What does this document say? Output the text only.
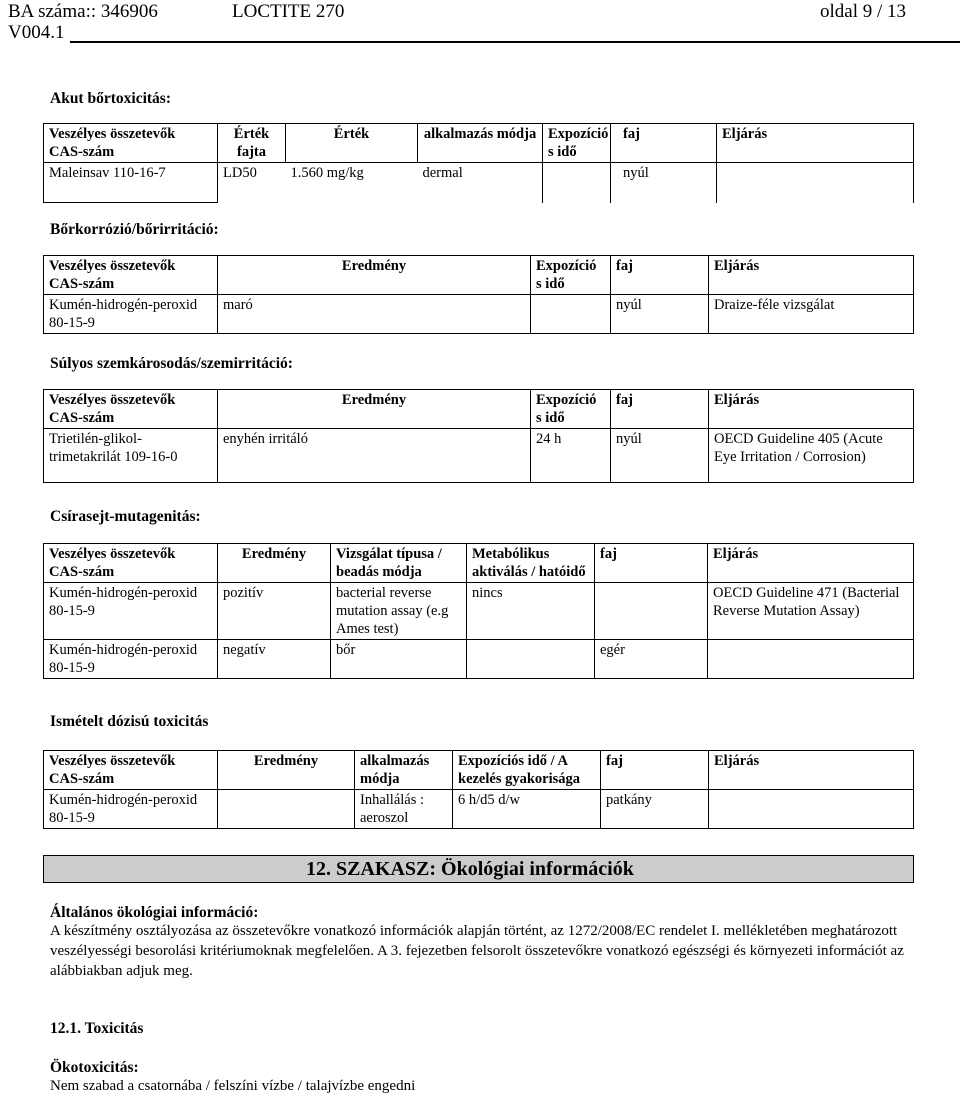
BA száma:: 346906	LOCTITE 270	oldal 9 / 13
V004.1
Akut bőrtoxicitás:
Veszélyes összetevők CAS-szám	Érték fajta	Érték	alkalmazás módja	Expozíció s idő	faj	Eljárás
Maleinsav 110-16-7	LD50	1.560 mg/kg	dermal		nyúl	
Bőrkorrózió/bőrirritáció:
Veszélyes összetevők CAS-szám	Eredmény	Expozíció s idő	faj	Eljárás
Kumén-hidrogén-peroxid 80-15-9	maró		nyúl	Draize-féle vizsgálat
Súlyos szemkárosodás/szemirritáció:
Veszélyes összetevők CAS-szám	Eredmény	Expozíció s idő	faj	Eljárás
Trietilén-glikol-trimetakrilát 109-16-0	enyhén irritáló	24 h	nyúl	OECD Guideline 405 (Acute Eye Irritation / Corrosion)
Csírasejt-mutagenitás:
Veszélyes összetevők CAS-szám	Eredmény	Vizsgálat típusa / beadás módja	Metabólikus aktiválás / hatóidő	faj	Eljárás
Kumén-hidrogén-peroxid 80-15-9	pozitív	bacterial reverse mutation assay (e.g Ames test)	nincs		OECD Guideline 471 (Bacterial Reverse Mutation Assay)
Kumén-hidrogén-peroxid 80-15-9	negatív	bőr		egér	
Ismételt dózisú toxicitás
Veszélyes összetevők CAS-szám	Eredmény	alkalmazás módja	Expozíciós idő / A kezelés gyakorisága	faj	Eljárás
Kumén-hidrogén-peroxid 80-15-9		Inhallálás : aeroszol	6 h/d5 d/w	patkány	
12. SZAKASZ: Ökológiai információk
Általános ökológiai információ:
A készítmény osztályozása az összetevőkre vonatkozó információk alapján történt, az 1272/2008/EC rendelet I. mellékletében meghatározott veszélyességi besorolási kritériumoknak megfelelően. A 3. fejezetben felsorolt összetevőkre vonatkozó egészségi és környezeti információt az alábbiakban adjuk meg.
12.1. Toxicitás
Ökotoxicitás:
Nem szabad a csatornába / felszíni vízbe / talajvízbe engedni
